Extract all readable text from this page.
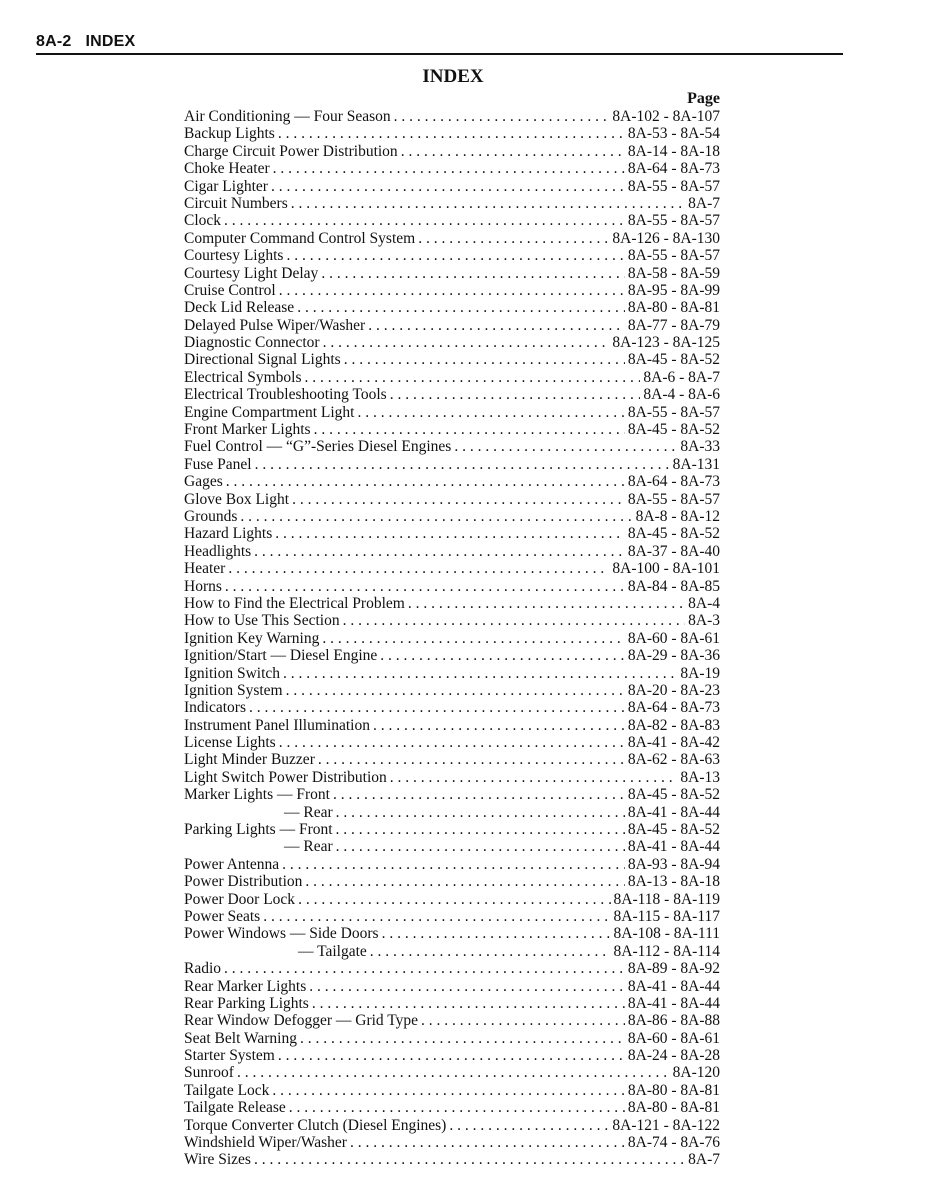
8A-2 INDEX
INDEX
Page
Air Conditioning — Four Season . . .	8A-102 - 8A-107
Backup Lights . . .	8A-53 - 8A-54
Charge Circuit Power Distribution . . .	8A-14 - 8A-18
Choke Heater . . .	8A-64 - 8A-73
Cigar Lighter . . .	8A-55 - 8A-57
Circuit Numbers . . .	8A-7
Clock . . .	8A-55 - 8A-57
Computer Command Control System . . .	8A-126 - 8A-130
Courtesy Lights . . .	8A-55 - 8A-57
Courtesy Light Delay . . .	8A-58 - 8A-59
Cruise Control . . .	8A-95 - 8A-99
Deck Lid Release . . .	8A-80 - 8A-81
Delayed Pulse Wiper/Washer . . .	8A-77 - 8A-79
Diagnostic Connector . . .	8A-123 - 8A-125
Directional Signal Lights . . .	8A-45 - 8A-52
Electrical Symbols . . .	8A-6 - 8A-7
Electrical Troubleshooting Tools . . .	8A-4 - 8A-6
Engine Compartment Light . . .	8A-55 - 8A-57
Front Marker Lights . . .	8A-45 - 8A-52
Fuel Control — “G”-Series Diesel Engines . . .	8A-33
Fuse Panel . . .	8A-131
Gages . . .	8A-64 - 8A-73
Glove Box Light . . .	8A-55 - 8A-57
Grounds . . .	8A-8 - 8A-12
Hazard Lights . . .	8A-45 - 8A-52
Headlights . . .	8A-37 - 8A-40
Heater . . .	8A-100 - 8A-101
Horns . . .	8A-84 - 8A-85
How to Find the Electrical Problem . . .	8A-4
How to Use This Section . . .	8A-3
Ignition Key Warning . . .	8A-60 - 8A-61
Ignition/Start — Diesel Engine . . .	8A-29 - 8A-36
Ignition Switch . . .	8A-19
Ignition System . . .	8A-20 - 8A-23
Indicators . . .	8A-64 - 8A-73
Instrument Panel Illumination . . .	8A-82 - 8A-83
License Lights . . .	8A-41 - 8A-42
Light Minder Buzzer . . .	8A-62 - 8A-63
Light Switch Power Distribution . . .	8A-13
Marker Lights — Front . . .	8A-45 - 8A-52
— Rear . . .	8A-41 - 8A-44
Parking Lights — Front . . .	8A-45 - 8A-52
— Rear . . .	8A-41 - 8A-44
Power Antenna . . .	8A-93 - 8A-94
Power Distribution . . .	8A-13 - 8A-18
Power Door Lock . . .	8A-118 - 8A-119
Power Seats . . .	8A-115 - 8A-117
Power Windows — Side Doors . . .	8A-108 - 8A-111
— Tailgate . . .	8A-112 - 8A-114
Radio . . .	8A-89 - 8A-92
Rear Marker Lights . . .	8A-41 - 8A-44
Rear Parking Lights . . .	8A-41 - 8A-44
Rear Window Defogger — Grid Type . . .	8A-86 - 8A-88
Seat Belt Warning . . .	8A-60 - 8A-61
Starter System . . .	8A-24 - 8A-28
Sunroof . . .	8A-120
Tailgate Lock . . .	8A-80 - 8A-81
Tailgate Release . . .	8A-80 - 8A-81
Torque Converter Clutch (Diesel Engines) . . .	8A-121 - 8A-122
Windshield Wiper/Washer . . .	8A-74 - 8A-76
Wire Sizes . . .	8A-7
